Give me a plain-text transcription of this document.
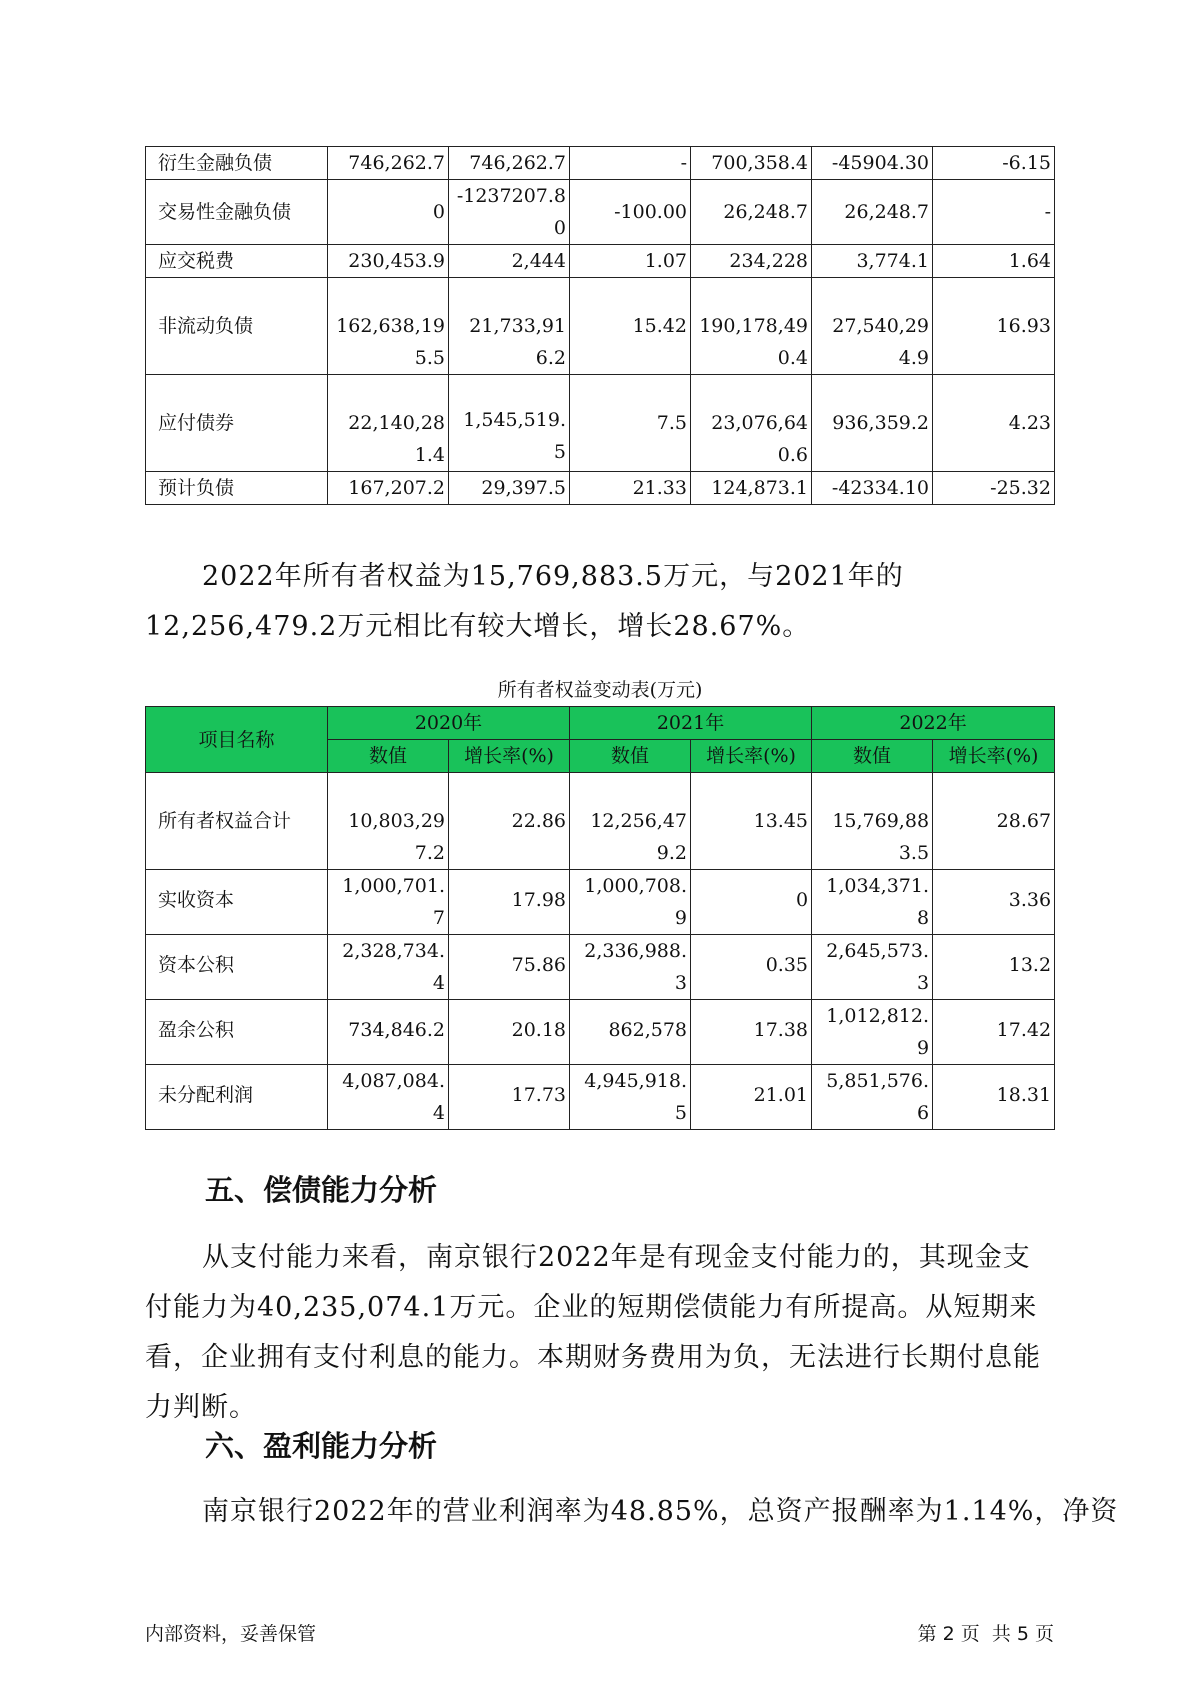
衍生金融负债	746,262.7	746,262.7	-	700,358.4	-45904.30	-6.15
交易性金融负债	0	-1237207.80	-100.00	26,248.7	26,248.7	-
应交税费	230,453.9	2,444	1.07	234,228	3,774.1	1.64
非流动负债	162,638,195.5	21,733,916.2	15.42	190,178,490.4	27,540,294.9	16.93
应付债券	22,140,281.4	1,545,519.5	7.5	23,076,640.6	936,359.2	4.23
预计负债	167,207.2	29,397.5	21.33	124,873.1	-42334.10	-25.32

2022年所有者权益为15,769,883.5万元，与2021年的12,256,479.2万元相比有较大增长，增长28.67%。

所有者权益变动表(万元)
项目名称	2020年		2021年		2022年	
	数值	增长率(%)	数值	增长率(%)	数值	增长率(%)
所有者权益合计	10,803,297.2	22.86	12,256,479.2	13.45	15,769,883.5	28.67
实收资本	1,000,701.7	17.98	1,000,708.9	0	1,034,371.8	3.36
资本公积	2,328,734.4	75.86	2,336,988.3	0.35	2,645,573.3	13.2
盈余公积	734,846.2	20.18	862,578	17.38	1,012,812.9	17.42
未分配利润	4,087,084.4	17.73	4,945,918.5	21.01	5,851,576.6	18.31
五、偿债能力分析

从支付能力来看，南京银行2022年是有现金支付能力的，其现金支付能力为40,235,074.1万元。企业的短期偿债能力有所提高。从短期来看，企业拥有支付利息的能力。本期财务费用为负，无法进行长期付息能力判断。

六、盈利能力分析

南京银行2022年的营业利润率为48.85%，总资产报酬率为1.14%，净资

内部资料，妥善保管	第 2 页  共 5 页
